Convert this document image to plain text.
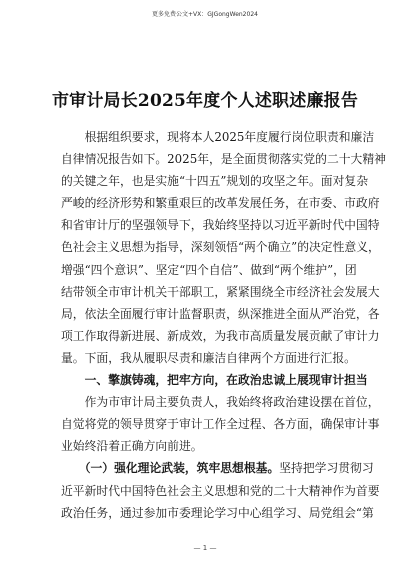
更多免费公文+VX：GJGongWen2024
市审计局长2025年度个人述职述廉报告
　　根据组织要求，现将本人2025年度履行岗位职责和廉洁
自律情况报告如下。2025年，是全面贯彻落实党的二十大精神
的关键之年，也是实施“十四五”规划的攻坚之年。面对复杂
严峻的经济形势和繁重艰巨的改革发展任务，在市委、市政府
和省审计厅的坚强领导下，我始终坚持以习近平新时代中国特
色社会主义思想为指导，深刻领悟“两个确立”的决定性意义，
增强“四个意识”、坚定“四个自信”、做到“两个维护”，团
结带领全市审计机关干部职工，紧紧围绕全市经济社会发展大
局，依法全面履行审计监督职责，纵深推进全面从严治党，各
项工作取得新进展、新成效，为我市高质量发展贡献了审计力
量。下面，我从履职尽责和廉洁自律两个方面进行汇报。
　　一、擎旗铸魂，把牢方向，在政治忠诚上展现审计担当
　　作为市审计局主要负责人，我始终将政治建设摆在首位，
自觉将党的领导贯穿于审计工作全过程、各方面，确保审计事
业始终沿着正确方向前进。
　　（一）强化理论武装，筑牢思想根基。坚持把学习贯彻习
近平新时代中国特色社会主义思想和党的二十大精神作为首要
政治任务，通过参加市委理论学习中心组学习、局党组会“第
— 1 —
